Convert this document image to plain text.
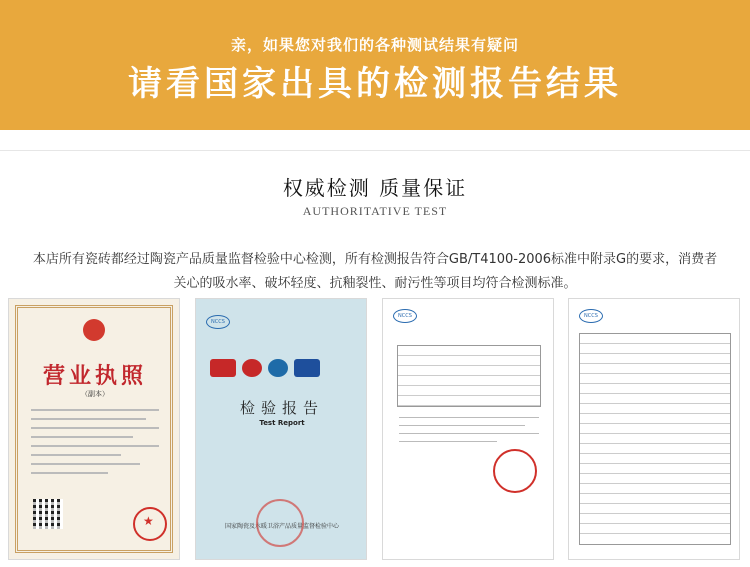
亲，如果您对我们的各种测试结果有疑问
请看国家出具的检测报告结果
权威检测 质量保证
AUTHORITATIVE TEST
本店所有瓷砖都经过陶瓷产品质量监督检验中心检测，所有检测报告符合GB/T4100-2006标准中附录G的要求，消费者关心的吸水率、破坏轻度、抗釉裂性、耐污性等项目均符合检测标准。
营业执照
（副本）
★
NCCS
检验报告
Test Report
国家陶瓷及水暖卫浴产品质量监督检验中心
NCCS	NCCS
